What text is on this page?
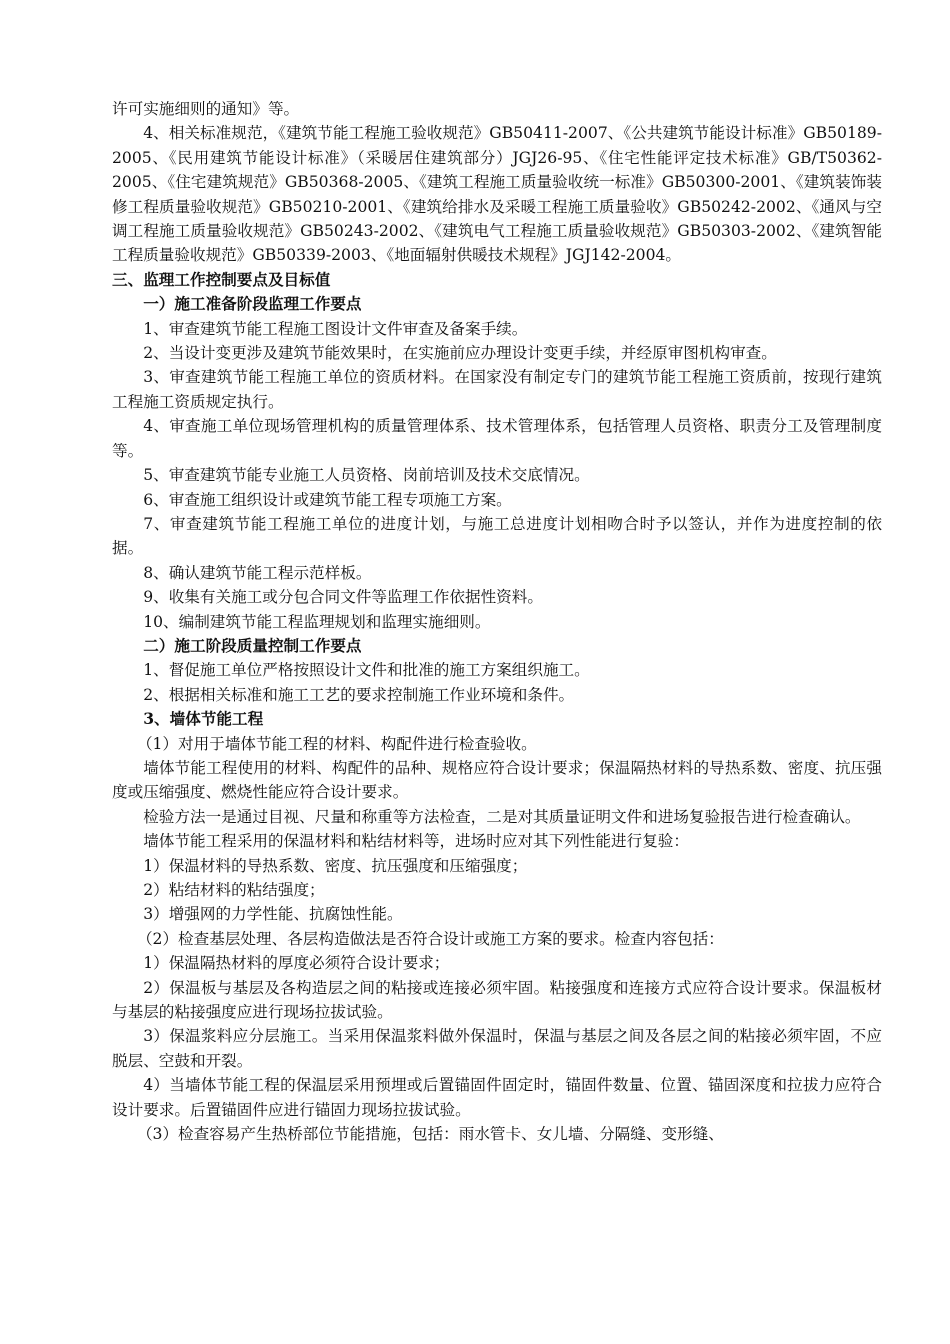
许可实施细则的通知》等。

4、相关标准规范，《建筑节能工程施工验收规范》GB50411-2007、《公共建筑节能设计标准》GB50189-2005、《民用建筑节能设计标准》（采暖居住建筑部分）JGJ26-95、《住宅性能评定技术标准》GB/T50362-2005、《住宅建筑规范》GB50368-2005、《建筑工程施工质量验收统一标准》GB50300-2001、《建筑装饰装修工程质量验收规范》GB50210-2001、《建筑给排水及采暖工程施工质量验收》GB50242-2002、《通风与空调工程施工质量验收规范》GB50243-2002、《建筑电气工程施工质量验收规范》GB50303-2002、《建筑智能工程质量验收规范》GB50339-2003、《地面辐射供暖技术规程》JGJ142-2004。

三、监理工作控制要点及目标值

一）施工准备阶段监理工作要点

1、审查建筑节能工程施工图设计文件审查及备案手续。

2、当设计变更涉及建筑节能效果时，在实施前应办理设计变更手续，并经原审图机构审查。

3、审查建筑节能工程施工单位的资质材料。在国家没有制定专门的建筑节能工程施工资质前，按现行建筑工程施工资质规定执行。

4、审查施工单位现场管理机构的质量管理体系、技术管理体系，包括管理人员资格、职责分工及管理制度等。

5、审查建筑节能专业施工人员资格、岗前培训及技术交底情况。

6、审查施工组织设计或建筑节能工程专项施工方案。

7、审查建筑节能工程施工单位的进度计划，与施工总进度计划相吻合时予以签认，并作为进度控制的依据。

8、确认建筑节能工程示范样板。

9、收集有关施工或分包合同文件等监理工作依据性资料。

10、编制建筑节能工程监理规划和监理实施细则。

二）施工阶段质量控制工作要点

1、督促施工单位严格按照设计文件和批准的施工方案组织施工。

2、根据相关标准和施工工艺的要求控制施工作业环境和条件。

3、墙体节能工程

（1）对用于墙体节能工程的材料、构配件进行检查验收。

墙体节能工程使用的材料、构配件的品种、规格应符合设计要求；保温隔热材料的导热系数、密度、抗压强度或压缩强度、燃烧性能应符合设计要求。

检验方法一是通过目视、尺量和称重等方法检查，二是对其质量证明文件和进场复验报告进行检查确认。

墙体节能工程采用的保温材料和粘结材料等，进场时应对其下列性能进行复验：

1）保温材料的导热系数、密度、抗压强度和压缩强度；

2）粘结材料的粘结强度；

3）增强网的力学性能、抗腐蚀性能。

（2）检查基层处理、各层构造做法是否符合设计或施工方案的要求。检查内容包括：

1）保温隔热材料的厚度必须符合设计要求；

2）保温板与基层及各构造层之间的粘接或连接必须牢固。粘接强度和连接方式应符合设计要求。保温板材与基层的粘接强度应进行现场拉拔试验。

3）保温浆料应分层施工。当采用保温浆料做外保温时，保温与基层之间及各层之间的粘接必须牢固，不应脱层、空鼓和开裂。

4）当墙体节能工程的保温层采用预埋或后置锚固件固定时，锚固件数量、位置、锚固深度和拉拔力应符合设计要求。后置锚固件应进行锚固力现场拉拔试验。

（3）检查容易产生热桥部位节能措施，包括：雨水管卡、女儿墙、分隔缝、变形缝、
